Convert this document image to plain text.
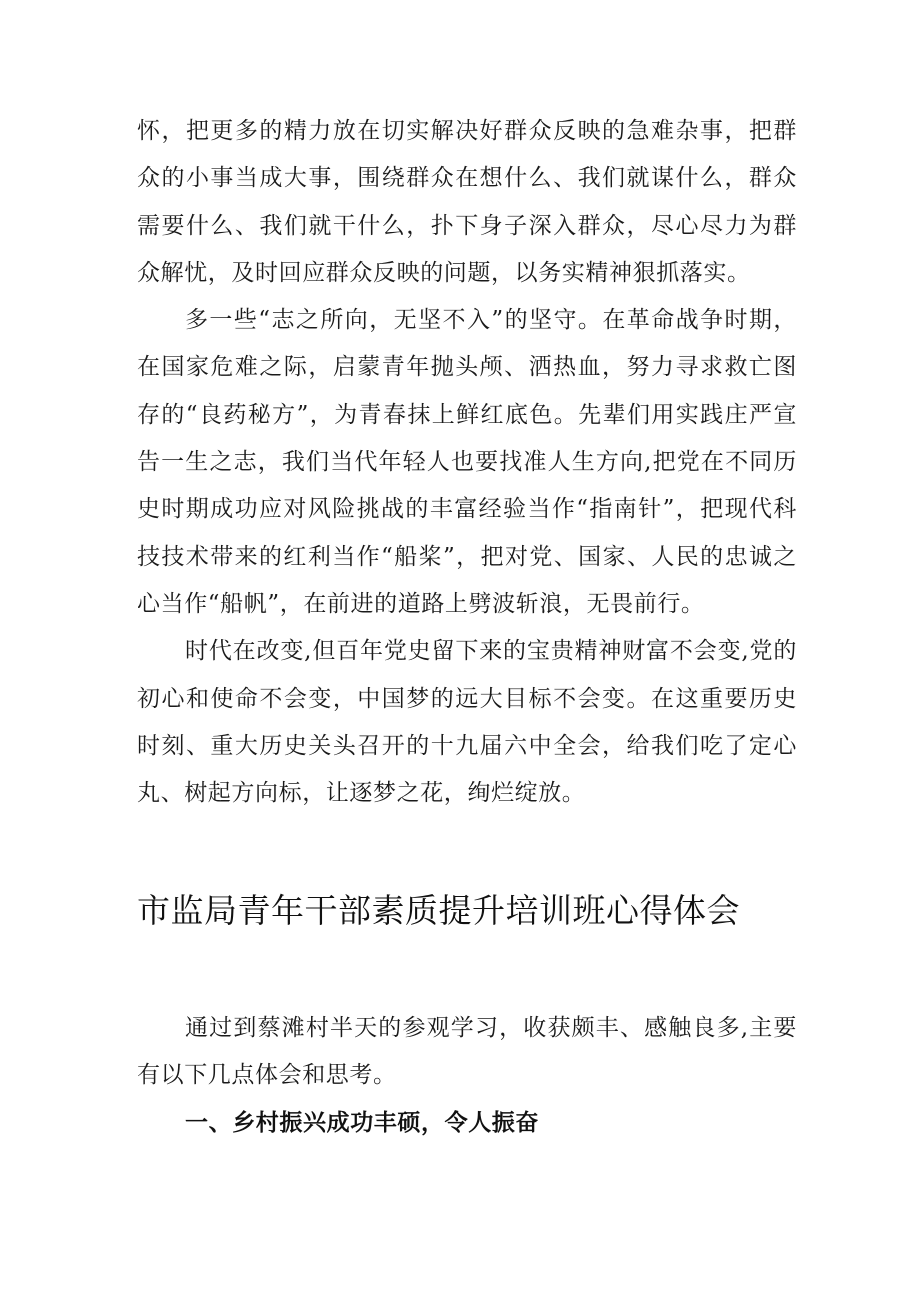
怀，把更多的精力放在切实解决好群众反映的急难杂事，把群众的小事当成大事，围绕群众在想什么、我们就谋什么，群众需要什么、我们就干什么，扑下身子深入群众，尽心尽力为群众解忧，及时回应群众反映的问题，以务实精神狠抓落实。

多一些“志之所向，无坚不入”的坚守。在革命战争时期，在国家危难之际，启蒙青年抛头颅、洒热血，努力寻求救亡图存的“良药秘方”，为青春抹上鲜红底色。先辈们用实践庄严宣告一生之志，我们当代年轻人也要找准人生方向,把党在不同历史时期成功应对风险挑战的丰富经验当作“指南针”，把现代科技技术带来的红利当作“船桨”，把对党、国家、人民的忠诚之心当作“船帆”，在前进的道路上劈波斩浪，无畏前行。

时代在改变,但百年党史留下来的宝贵精神财富不会变,党的初心和使命不会变，中国梦的远大目标不会变。在这重要历史时刻、重大历史关头召开的十九届六中全会，给我们吃了定心丸、树起方向标，让逐梦之花，绚烂绽放。

市监局青年干部素质提升培训班心得体会

通过到蔡滩村半天的参观学习，收获颇丰、感触良多,主要有以下几点体会和思考。

一、乡村振兴成功丰硕，令人振奋
